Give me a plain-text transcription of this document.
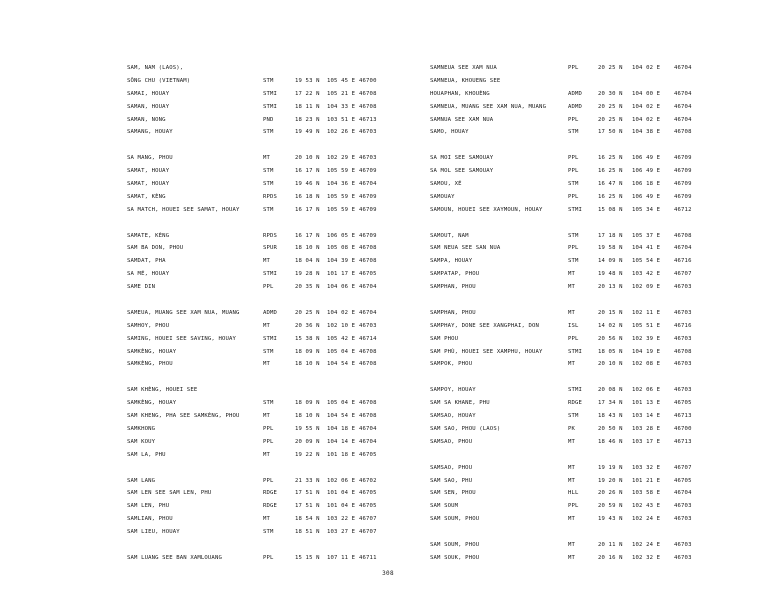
SAM, NAM (LAOS),
SÔNG CHU (VIETNAM)	STM	19 53 N 105 45 E 46700
SAMAI, HOUAY	STMI	17 22 N 105 21 E 46708
SAMAN, HOUAY	STMI	18 11 N 104 33 E 46708
SAMAN, NONG	PND	18 23 N 103 51 E 46713
SAMANG, HOUAY	STM	19 49 N 102 26 E 46703
SA MANG, PHOU	MT	20 10 N 102 29 E 46703
SAMAT, HOUAY	STM	16 17 N 105 59 E 46709
SAMAT, HOUAY	STM	19 46 N 104 36 E 46704
SAMAT, KÈNG	RPDS	16 18 N 105 59 E 46709
SA MATCH, HOUEI SEE SAMAT, HOUAY	STM	16 17 N 105 59 E 46709
SAMATE, KÈNG	RPDS	16 17 N 106 05 E 46709
SAM BA DON, PHOU	SPUR	18 10 N 105 08 E 46708
SAMDAT, PHA	MT	18 04 N 104 39 E 46708
SA MÉ, HOUAY	STMI	19 28 N 101 17 E 46705
SAME DIN	PPL	20 35 N 104 06 E 46704
SAMEUA, MUANG SEE XAM NUA, MUANG	ADMD	20 25 N 104 02 E 46704
SAMHOY, PHOU	MT	20 36 N 102 10 E 46703
SAMING, HOUEI SEE SAVING, HOUAY	STMI	15 38 N 105 42 E 46714
SAMKÈNG, HOUAY	STM	18 09 N 105 04 E 46708
SAMKÈNG, PHOU	MT	18 10 N 104 54 E 46708
SAM KHÈNG, HOUEI SEE
SAMKÈNG, HOUAY	STM	18 09 N 105 04 E 46708
SAM KHENG, PHA SEE SAMKÈNG, PHOU	MT	18 10 N 104 54 E 46708
SAMKHONG	PPL	19 55 N 104 18 E 46704
SAM KOUY	PPL	20 09 N 104 14 E 46704
SAM LA, PHU	MT	19 22 N 101 18 E 46705
SAM LANG	PPL	21 33 N 102 06 E 46702
SAM LEN SEE SAM LEN, PHU	RDGE	17 51 N 101 04 E 46705
SAM LEN, PHU	RDGE	17 51 N 101 04 E 46705
SAMLIAN, PHOU	MT	18 54 N 103 22 E 46707
SAM LIEU, HOUAY	STM	18 51 N 103 27 E 46707
SAM LUANG SEE BAN XAMLOUANG	PPL	15 15 N 107 11 E 46711
SAMNEUA SEE XAM NUA	PPL	20 25 N 104 02 E 46704
SAMNEUA, KHOUENG SEE
HOUAPHAN, KHOUÈNG	ADMD	20 30 N 104 00 E 46704
SAMNEUA, MUANG SEE XAM NUA, MUANG	ADMD	20 25 N 104 02 E 46704
SAMNUA SEE XAM NUA	PPL	20 25 N 104 02 E 46704
SAMO, HOUAY	STM	17 50 N 104 38 E 46708
SA MOI SEE SAMOUAY	PPL	16 25 N 106 49 E 46709
SA MOL SEE SAMOUAY	PPL	16 25 N 106 49 E 46709
SAMOU, XÉ	STM	16 47 N 106 18 E 46709
SAMOUAY	PPL	16 25 N 106 49 E 46709
SAMOUN, HOUEI SEE XAYMOUN, HOUAY	STMI	15 08 N 105 34 E 46712
SAMOUT, NAM	STM	17 18 N 105 37 E 46708
SAM NEUA SEE SAN NUA	PPL	19 58 N 104 41 E 46704
SAMPA, HOUAY	STM	14 09 N 105 54 E 46716
SAMPATAP, PHOU	MT	19 48 N 103 42 E 46707
SAMPHAN, PHOU	MT	20 13 N 102 09 E 46703
SAMPHAN, PHOU	MT	20 15 N 102 11 E 46703
SAMPHAY, DONE SEE XANGPHAI, DON	ISL	14 02 N 105 51 E 46716
SAM PHOU	PPL	20 56 N 102 39 E 46703
SAM PHÙ, HOUEI SEE XAMPHU, HOUAY	STMI	18 05 N 104 19 E 46708
SAMPOK, PHOU	MT	20 10 N 102 08 E 46703
SAMPOY, HOUAY	STMI	20 08 N 102 06 E 46703
SAM SA KHANE, PHU	RDGE	17 34 N 101 13 E 46705
SAMSAO, HOUAY	STM	18 43 N 103 14 E 46713
SAM SAO, PHOU (LAOS)	PK	20 50 N 103 28 E 46700
SAMSAO, PHOU	MT	18 46 N 103 17 E 46713
SAMSAO, PHOU	MT	19 19 N 103 32 E 46707
SAM SAO, PHU	MT	19 20 N 101 21 E 46705
SAM SEN, PHOU	HLL	20 26 N 103 58 E 46704
SAM SOUM	PPL	20 59 N 102 43 E 46703
SAM SOUM, PHOU	MT	19 43 N 102 24 E 46703
SAM SOUM, PHOU	MT	20 11 N 102 24 E 46703
SAM SOUK, PHOU	MT	20 16 N 102 32 E 46703
308
